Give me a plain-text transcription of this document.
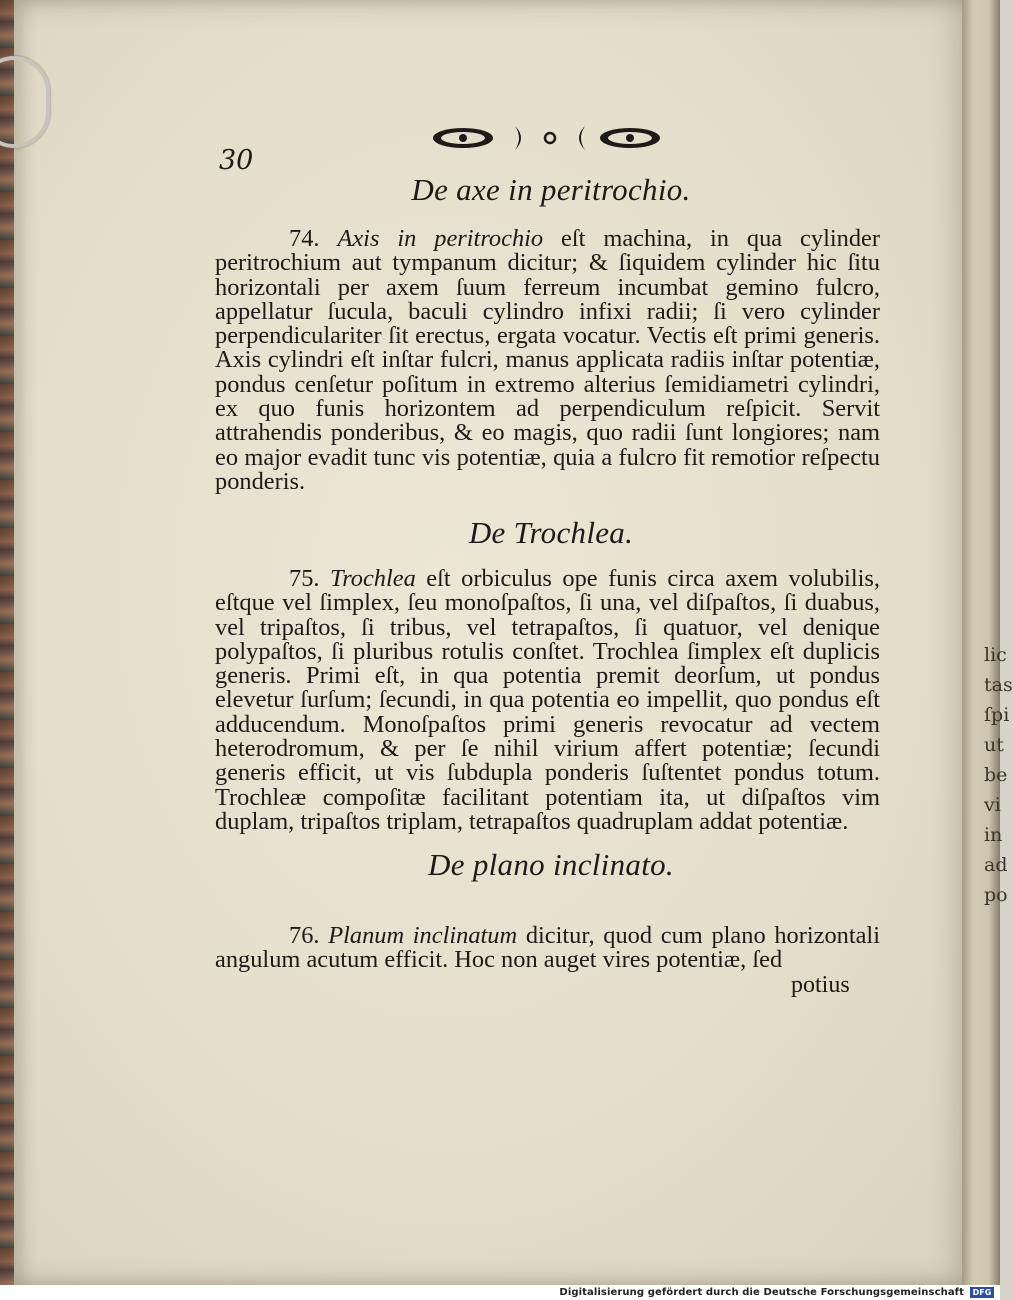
lic
tas
ſpi
ut
be
vi
in
ad
po
30
De axe in peritrochio.
74. Axis in peritrochio eſt machina, in qua cylinder peritrochium aut tympanum dicitur; & ſiquidem cylinder hic ſitu horizontali per axem ſuum ferreum incumbat gemino fulcro, appellatur ſucula, baculi cylindro infixi radii; ſi vero cylinder perpendiculariter ſit erectus, ergata vocatur. Vectis eſt primi generis. Axis cylindri eſt inſtar fulcri, manus applicata radiis inſtar potentiæ, pondus cenſetur poſitum in extremo alterius ſemidiametri cylindri, ex quo funis horizontem ad perpendiculum reſpicit. Servit attrahendis ponderibus, & eo magis, quo radii ſunt longiores; nam eo major evadit tunc vis potentiæ, quia a fulcro fit remotior reſpectu ponderis.
De Trochlea.
75. Trochlea eſt orbiculus ope funis circa axem volubilis, eſtque vel ſimplex, ſeu monoſpaſtos, ſi una, vel diſpaſtos, ſi duabus, vel tripaſtos, ſi tribus, vel tetrapaſtos, ſi quatuor, vel denique polypaſtos, ſi pluribus rotulis conſtet. Trochlea ſimplex eſt duplicis generis. Primi eſt, in qua potentia premit deorſum, ut pondus elevetur ſurſum; ſecundi, in qua potentia eo impellit, quo pondus eſt adducendum. Monoſpaſtos primi generis revocatur ad vectem heterodromum, & per ſe nihil virium affert potentiæ; ſecundi generis efficit, ut vis ſubdupla ponderis ſuſtentet pondus totum. Trochleæ compoſitæ facilitant potentiam ita, ut diſpaſtos vim duplam, tripaſtos triplam, tetrapaſtos quadruplam addat potentiæ.
De plano inclinato.
76. Planum inclinatum dicitur, quod cum plano horizontali angulum acutum efficit. Hoc non auget vires potentiæ, ſed
potius
Digitalisierung gefördert durch die Deutsche Forschungsgemeinschaft	DFG
